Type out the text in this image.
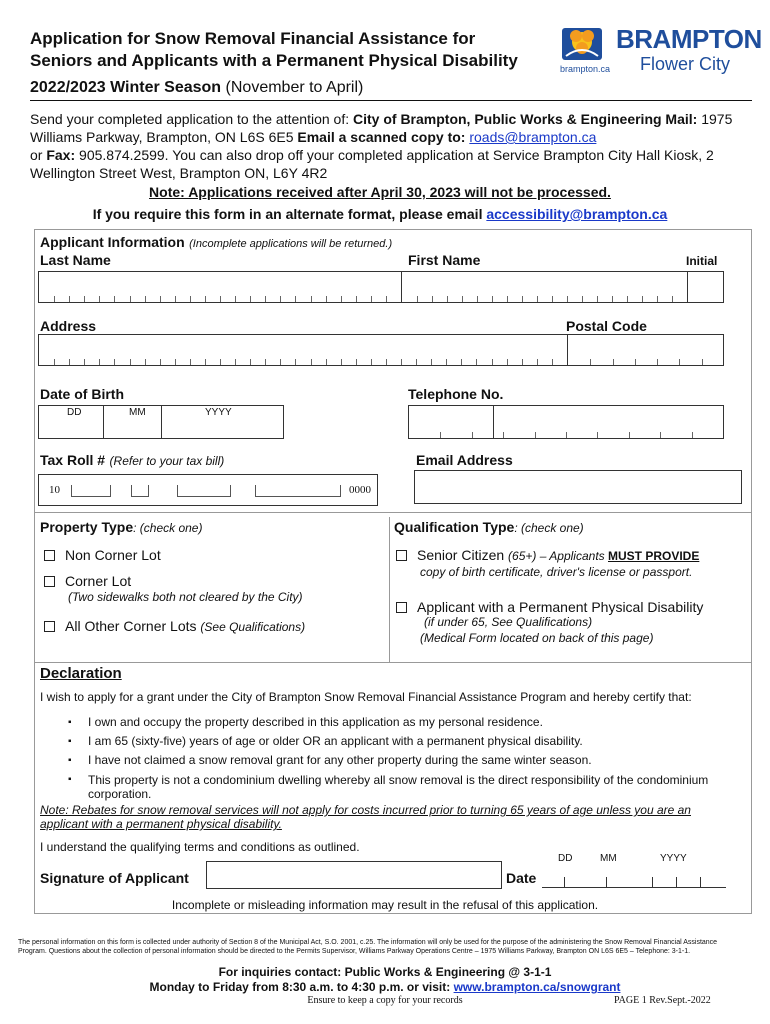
Application for Snow Removal Financial Assistance for
Seniors and Applicants with a Permanent Physical Disability
2022/2023 Winter Season (November to April)
BRAMPTON
Flower City
brampton.ca
Send your completed application to the attention of: City of Brampton, Public Works & Engineering Mail: 1975 Williams Parkway, Brampton, ON L6S 6E5 Email a scanned copy to: roads@brampton.ca
or Fax: 905.874.2599. You can also drop off your completed application at Service Brampton City Hall Kiosk, 2 Wellington Street West, Brampton ON, L6Y 4R2
Note: Applications received after April 30, 2023 will not be processed.
If you require this form in an alternate format, please email accessibility@brampton.ca
Applicant Information (Incomplete applications will be returned.)
Last Name	First Name	Initial
Address	Postal Code
Date of Birth	Telephone No.
DD	MM	YYYY
Tax Roll # (Refer to your tax bill)	Email Address
10	0000
Property Type: (check one)
Non Corner Lot
Corner Lot
(Two sidewalks both not cleared by the City)
All Other Corner Lots (See Qualifications)
Qualification Type: (check one)
Senior Citizen (65+) – Applicants MUST PROVIDE
copy of birth certificate, driver's license or passport.
Applicant with a Permanent Physical Disability
(if under 65, See Qualifications)
(Medical Form located on back of this page)
Declaration
I wish to apply for a grant under the City of Brampton Snow Removal Financial Assistance Program and hereby certify that:
▪ I own and occupy the property described in this application as my personal residence.
▪ I am 65 (sixty-five) years of age or older OR an applicant with a permanent physical disability.
▪ I have not claimed a snow removal grant for any other property during the same winter season.
▪ This property is not a condominium dwelling whereby all snow removal is the direct responsibility of the condominium corporation.
Note: Rebates for snow removal services will not apply for costs incurred prior to turning 65 years of age unless you are an applicant with a permanent physical disability.
I understand the qualifying terms and conditions as outlined.
Signature of Applicant	Date
DD	MM	YYYY
Incomplete or misleading information may result in the refusal of this application.
The personal information on this form is collected under authority of Section 8 of the Municipal Act, S.O. 2001, c.25. The information will only be used for the purpose of the administering the Snow Removal Financial Assistance Program. Questions about the collection of personal information should be directed to the Permits Supervisor, Williams Parkway Operations Centre – 1975 Williams Parkway, Brampton ON L6S 6E5 – Telephone: 3-1-1.
For inquiries contact: Public Works & Engineering @ 3-1-1
Monday to Friday from 8:30 a.m. to 4:30 p.m. or visit: www.brampton.ca/snowgrant
Ensure to keep a copy for your records	PAGE 1 Rev.Sept.-2022
